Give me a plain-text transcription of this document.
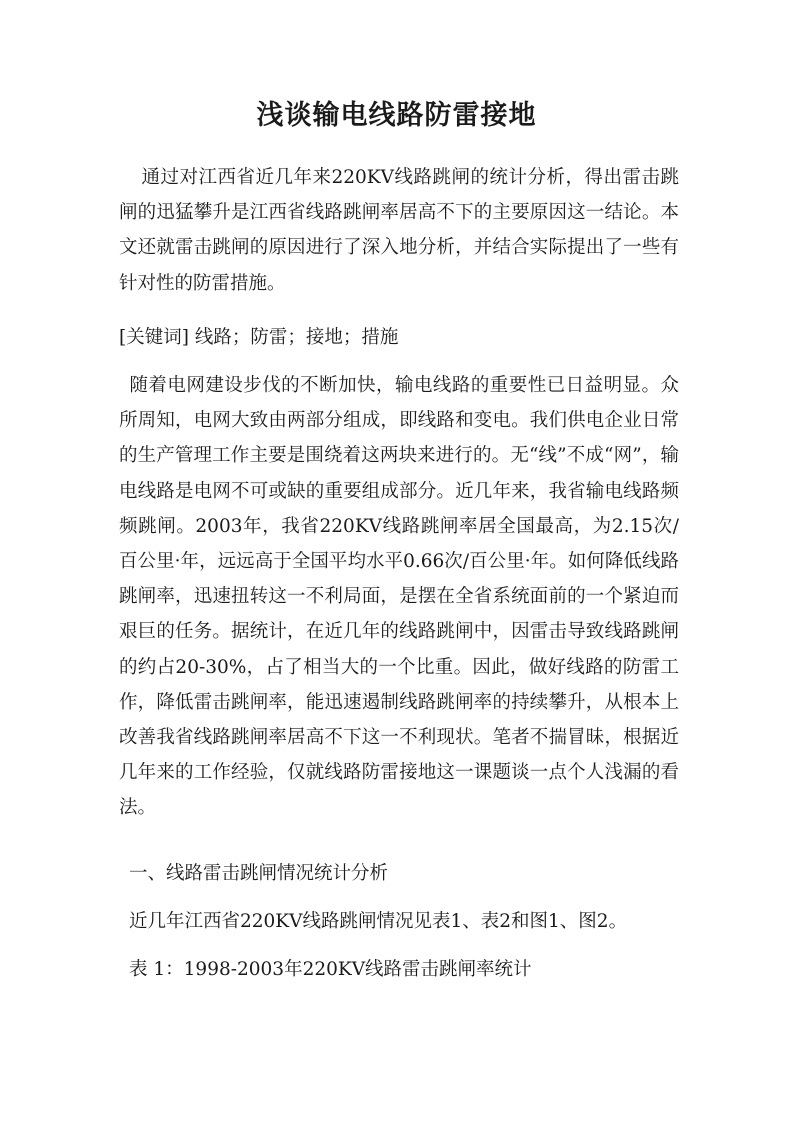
浅谈输电线路防雷接地

通过对江西省近几年来220KV线路跳闸的统计分析，得出雷击跳闸的迅猛攀升是江西省线路跳闸率居高不下的主要原因这一结论。本文还就雷击跳闸的原因进行了深入地分析，并结合实际提出了一些有针对性的防雷措施。

[关键词] 线路；防雷；接地；措施

随着电网建设步伐的不断加快，输电线路的重要性已日益明显。众所周知，电网大致由两部分组成，即线路和变电。我们供电企业日常的生产管理工作主要是围绕着这两块来进行的。无“线”不成“网”，输电线路是电网不可或缺的重要组成部分。近几年来，我省输电线路频频跳闸。2003年，我省220KV线路跳闸率居全国最高，为2.15次/百公里·年，远远高于全国平均水平0.66次/百公里·年。如何降低线路跳闸率，迅速扭转这一不利局面，是摆在全省系统面前的一个紧迫而艰巨的任务。据统计，在近几年的线路跳闸中，因雷击导致线路跳闸的约占20-30%，占了相当大的一个比重。因此，做好线路的防雷工作，降低雷击跳闸率，能迅速遏制线路跳闸率的持续攀升，从根本上改善我省线路跳闸率居高不下这一不利现状。笔者不揣冒昧，根据近几年来的工作经验，仅就线路防雷接地这一课题谈一点个人浅漏的看法。

一、线路雷击跳闸情况统计分析

近几年江西省220KV线路跳闸情况见表1、表2和图1、图2。

表 1：1998-2003年220KV线路雷击跳闸率统计
